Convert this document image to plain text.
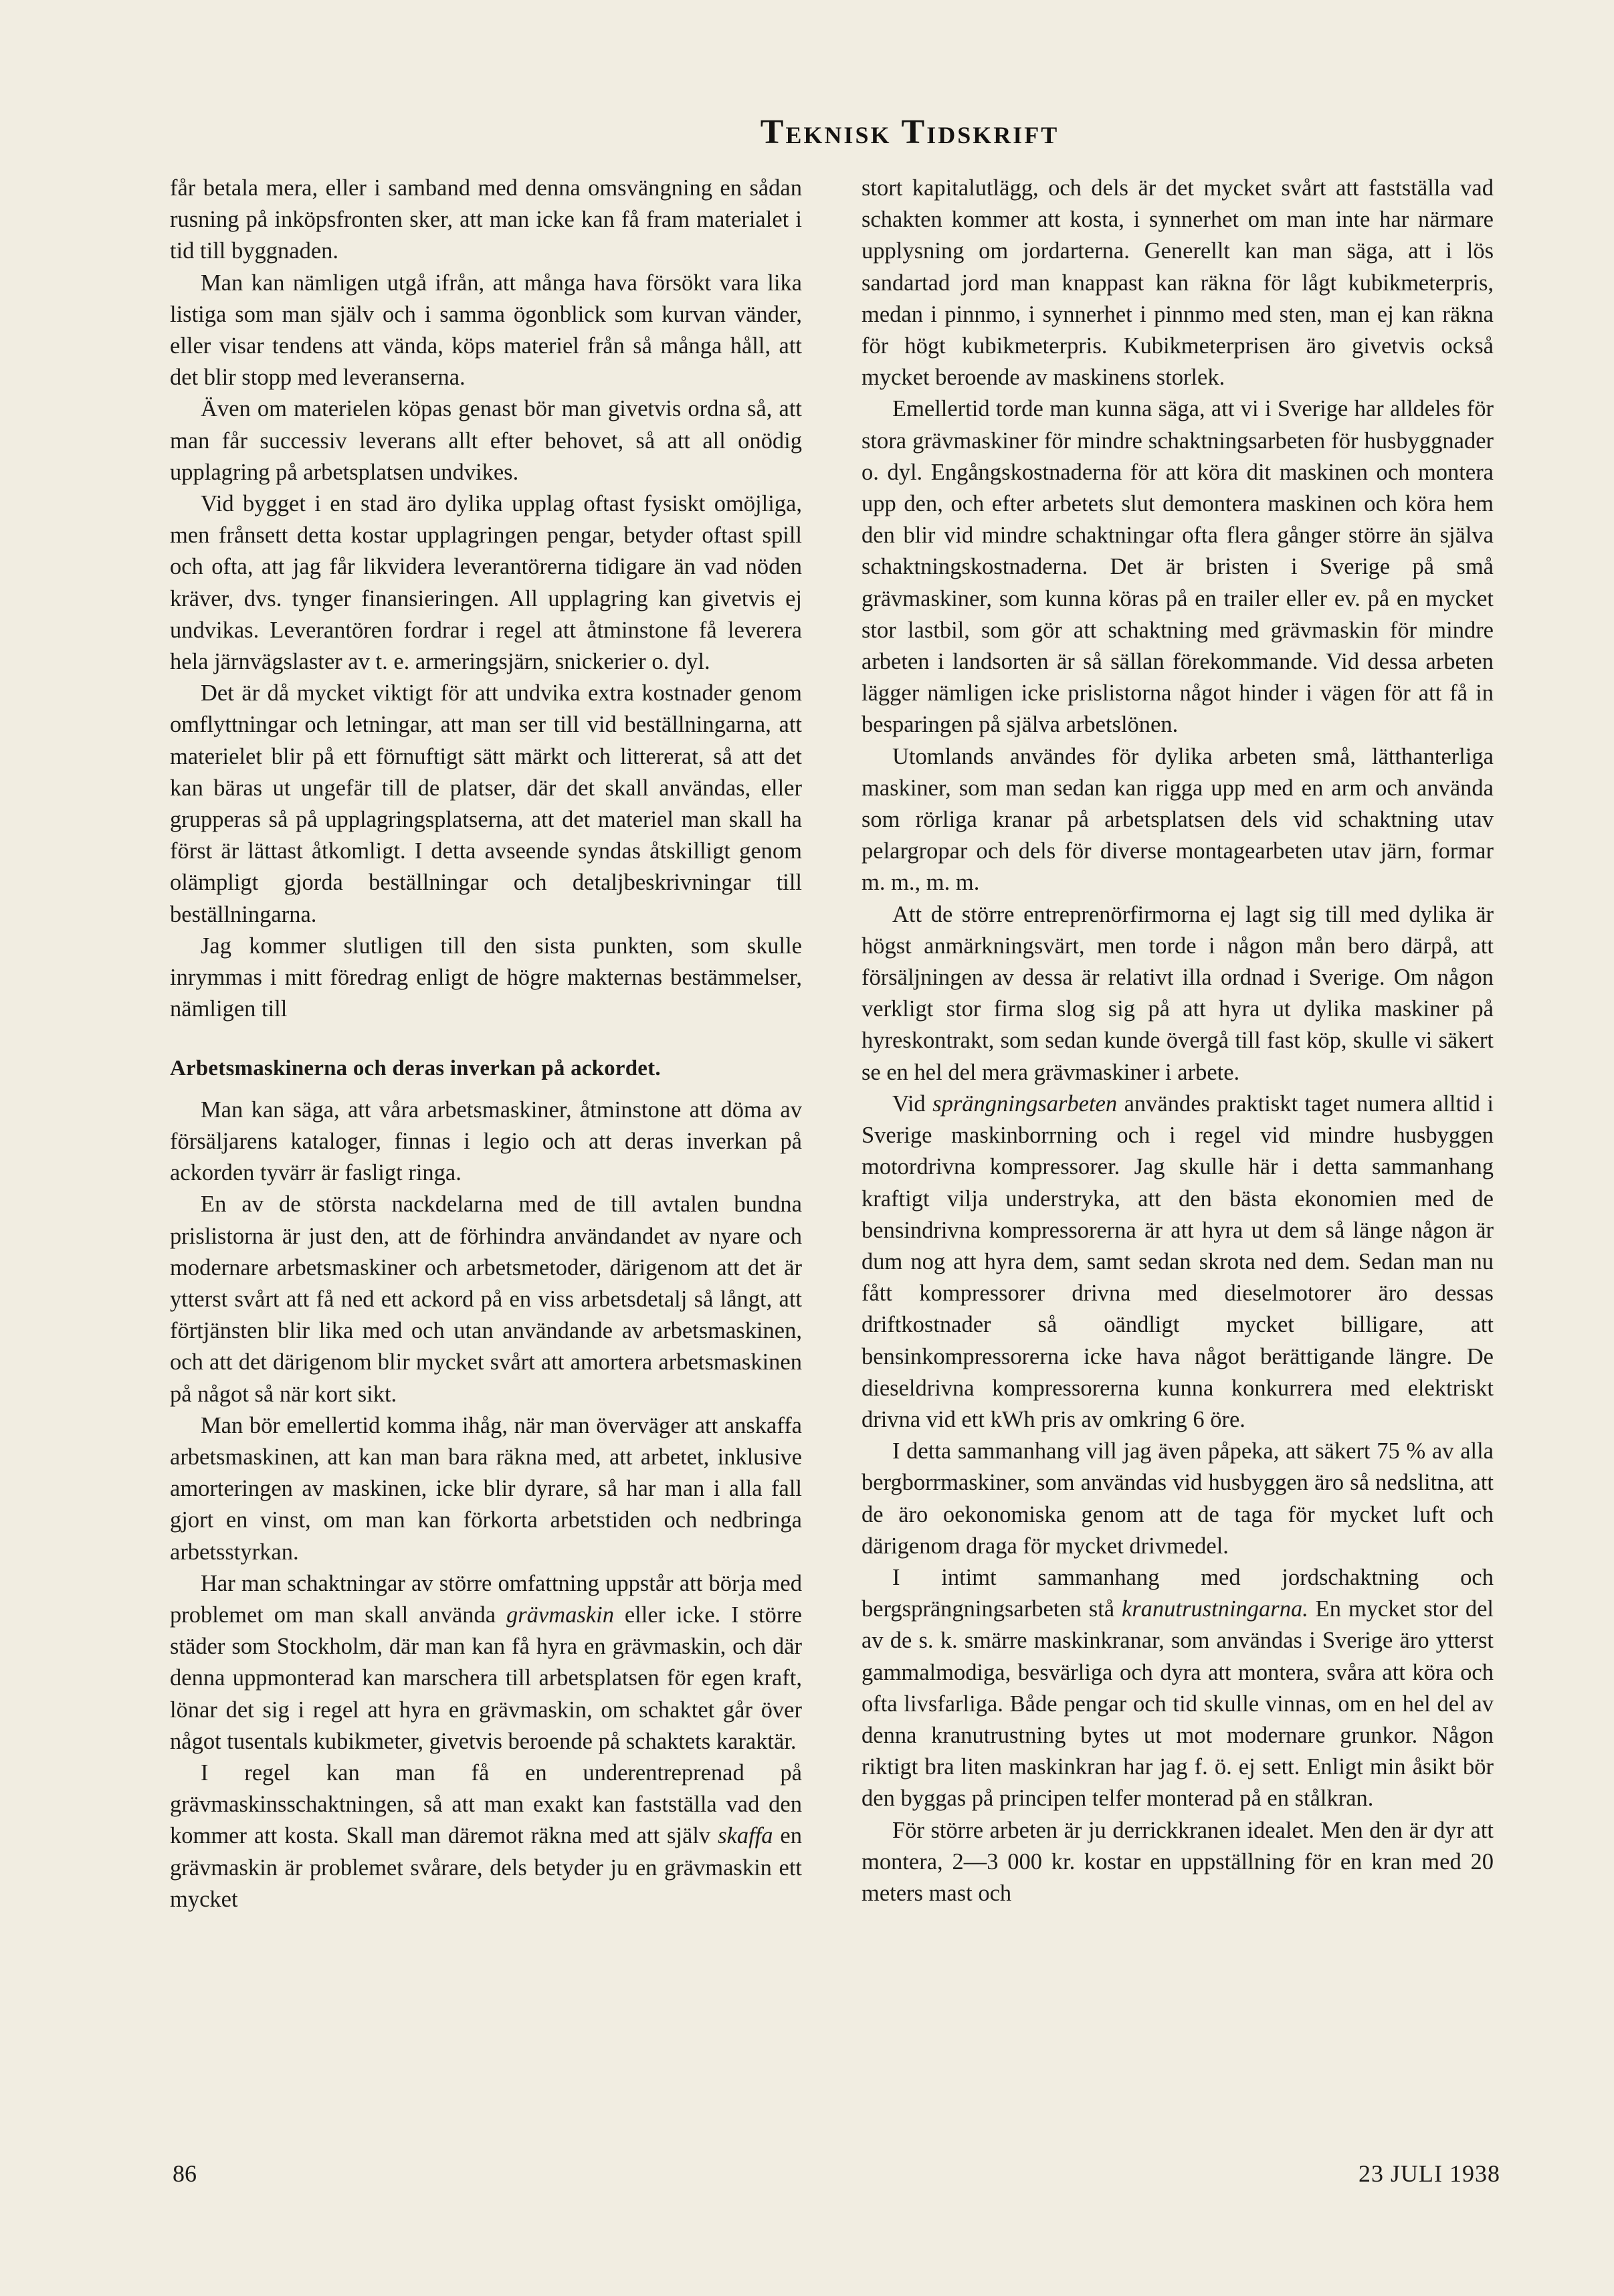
Teknisk Tidskrift

får betala mera, eller i samband med denna omsvängning en sådan rusning på inköpsfronten sker, att man icke kan få fram materialet i tid till byggnaden.

Man kan nämligen utgå ifrån, att många hava försökt vara lika listiga som man själv och i samma ögonblick som kurvan vänder, eller visar tendens att vända, köps materiel från så många håll, att det blir stopp med leveranserna.

Även om materielen köpas genast bör man givetvis ordna så, att man får successiv leverans allt efter behovet, så att all onödig upplagring på arbetsplatsen undvikes.

Vid bygget i en stad äro dylika upplag oftast fysiskt omöjliga, men frånsett detta kostar upplagringen pengar, betyder oftast spill och ofta, att jag får likvidera leverantörerna tidigare än vad nöden kräver, dvs. tynger finansieringen. All upplagring kan givetvis ej undvikas. Leverantören fordrar i regel att åtminstone få leverera hela järnvägslaster av t. e. armeringsjärn, snickerier o. dyl.

Det är då mycket viktigt för att undvika extra kostnader genom omflyttningar och letningar, att man ser till vid beställningarna, att materielet blir på ett förnuftigt sätt märkt och littererat, så att det kan bäras ut ungefär till de platser, där det skall användas, eller grupperas så på upplagringsplatserna, att det materiel man skall ha först är lättast åtkomligt. I detta avseende syndas åtskilligt genom olämpligt gjorda beställningar och detaljbeskrivningar till beställningarna.

Jag kommer slutligen till den sista punkten, som skulle inrymmas i mitt föredrag enligt de högre makternas bestämmelser, nämligen till

Arbetsmaskinerna och deras inverkan på ackordet.

Man kan säga, att våra arbetsmaskiner, åtminstone att döma av försäljarens kataloger, finnas i legio och att deras inverkan på ackorden tyvärr är fasligt ringa.

En av de största nackdelarna med de till avtalen bundna prislistorna är just den, att de förhindra användandet av nyare och modernare arbetsmaskiner och arbetsmetoder, därigenom att det är ytterst svårt att få ned ett ackord på en viss arbetsdetalj så långt, att förtjänsten blir lika med och utan användande av arbetsmaskinen, och att det därigenom blir mycket svårt att amortera arbetsmaskinen på något så när kort sikt.

Man bör emellertid komma ihåg, när man överväger att anskaffa arbetsmaskinen, att kan man bara räkna med, att arbetet, inklusive amorteringen av maskinen, icke blir dyrare, så har man i alla fall gjort en vinst, om man kan förkorta arbetstiden och nedbringa arbetsstyrkan.

Har man schaktningar av större omfattning uppstår att börja med problemet om man skall använda grävmaskin eller icke. I större städer som Stockholm, där man kan få hyra en grävmaskin, och där denna uppmonterad kan marschera till arbetsplatsen för egen kraft, lönar det sig i regel att hyra en grävmaskin, om schaktet går över något tusentals kubikmeter, givetvis beroende på schaktets karaktär.

I regel kan man få en underentreprenad på grävmaskinsschaktningen, så att man exakt kan fastställa vad den kommer att kosta. Skall man däremot räkna med att själv skaffa en grävmaskin är problemet svårare, dels betyder ju en grävmaskin ett mycket

stort kapitalutlägg, och dels är det mycket svårt att fastställa vad schakten kommer att kosta, i synnerhet om man inte har närmare upplysning om jordarterna. Generellt kan man säga, att i lös sandartad jord man knappast kan räkna för lågt kubikmeterpris, medan i pinnmo, i synnerhet i pinnmo med sten, man ej kan räkna för högt kubikmeterpris. Kubikmeterprisen äro givetvis också mycket beroende av maskinens storlek.

Emellertid torde man kunna säga, att vi i Sverige har alldeles för stora grävmaskiner för mindre schaktningsarbeten för husbyggnader o. dyl. Engångskostnaderna för att köra dit maskinen och montera upp den, och efter arbetets slut demontera maskinen och köra hem den blir vid mindre schaktningar ofta flera gånger större än själva schaktningskostnaderna. Det är bristen i Sverige på små grävmaskiner, som kunna köras på en trailer eller ev. på en mycket stor lastbil, som gör att schaktning med grävmaskin för mindre arbeten i landsorten är så sällan förekommande. Vid dessa arbeten lägger nämligen icke prislistorna något hinder i vägen för att få in besparingen på själva arbetslönen.

Utomlands användes för dylika arbeten små, lätthanterliga maskiner, som man sedan kan rigga upp med en arm och använda som rörliga kranar på arbetsplatsen dels vid schaktning utav pelargropar och dels för diverse montagearbeten utav järn, formar m. m., m. m.

Att de större entreprenörfirmorna ej lagt sig till med dylika är högst anmärkningsvärt, men torde i någon mån bero därpå, att försäljningen av dessa är relativt illa ordnad i Sverige. Om någon verkligt stor firma slog sig på att hyra ut dylika maskiner på hyreskontrakt, som sedan kunde övergå till fast köp, skulle vi säkert se en hel del mera grävmaskiner i arbete.

Vid sprängningsarbeten användes praktiskt taget numera alltid i Sverige maskinborrning och i regel vid mindre husbyggen motordrivna kompressorer. Jag skulle här i detta sammanhang kraftigt vilja understryka, att den bästa ekonomien med de bensindrivna kompressorerna är att hyra ut dem så länge någon är dum nog att hyra dem, samt sedan skrota ned dem. Sedan man nu fått kompressorer drivna med dieselmotorer äro dessas driftkostnader så oändligt mycket billigare, att bensinkompressorerna icke hava något berättigande längre. De dieseldrivna kompressorerna kunna konkurrera med elektriskt drivna vid ett kWh pris av omkring 6 öre.

I detta sammanhang vill jag även påpeka, att säkert 75 % av alla bergborrmaskiner, som användas vid husbyggen äro så nedslitna, att de äro oekonomiska genom att de taga för mycket luft och därigenom draga för mycket drivmedel.

I intimt sammanhang med jordschaktning och bergsprängningsarbeten stå kranutrustningarna. En mycket stor del av de s. k. smärre maskinkranar, som användas i Sverige äro ytterst gammalmodiga, besvärliga och dyra att montera, svåra att köra och ofta livsfarliga. Både pengar och tid skulle vinnas, om en hel del av denna kranutrustning bytes ut mot modernare grunkor. Någon riktigt bra liten maskinkran har jag f. ö. ej sett. Enligt min åsikt bör den byggas på principen telfer monterad på en stålkran.

För större arbeten är ju derrickkranen idealet. Men den är dyr att montera, 2—3 000 kr. kostar en uppställning för en kran med 20 meters mast och

86	23 JULI 1938
